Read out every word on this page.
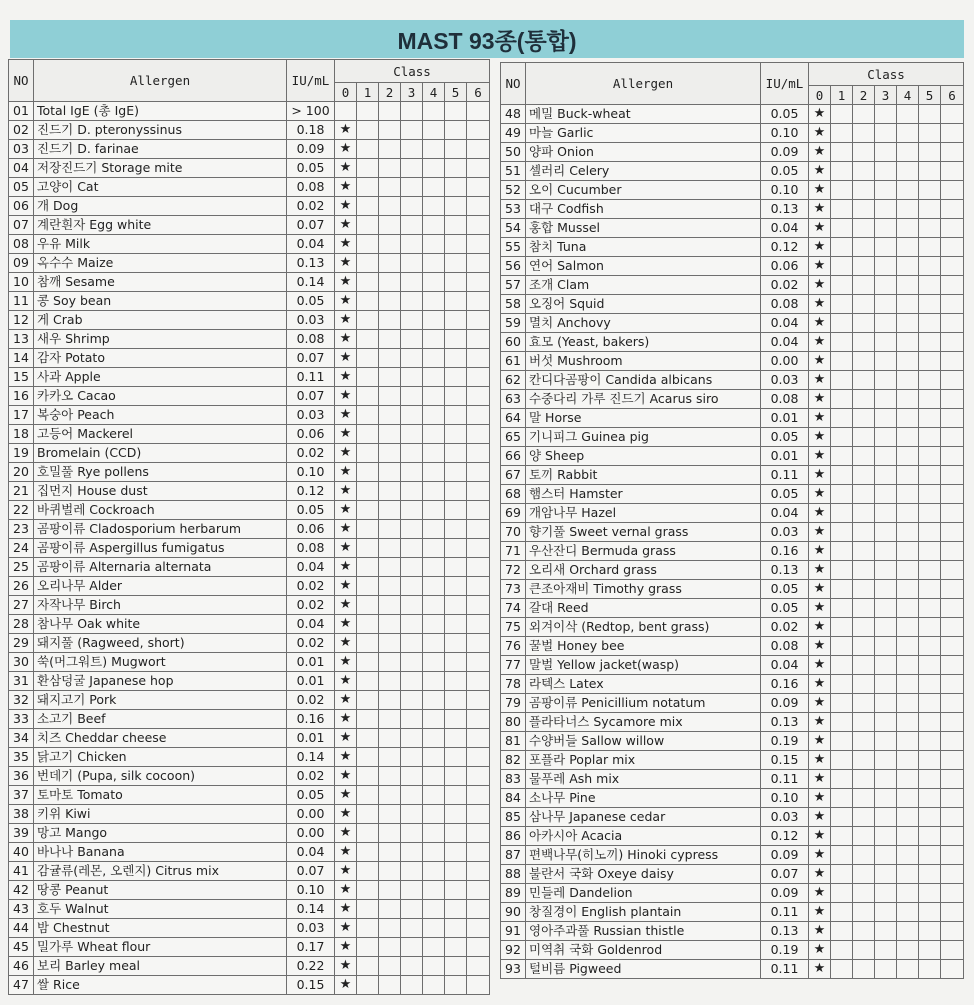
MAST 93종(통합)
NO	Allergen	IU/mL	Class						
			0	1	2	3	4	5	6
01	Total IgE (총 IgE)	> 100							
02	진드기 D. pteronyssinus	0.18	★						
03	진드기 D. farinae	0.09	★						
04	저장진드기 Storage mite	0.05	★						
05	고양이 Cat	0.08	★						
06	개 Dog	0.02	★						
07	계란흰자 Egg white	0.07	★						
08	우유 Milk	0.04	★						
09	옥수수 Maize	0.13	★						
10	참깨 Sesame	0.14	★						
11	콩 Soy bean	0.05	★						
12	게 Crab	0.03	★						
13	새우 Shrimp	0.08	★						
14	감자 Potato	0.07	★						
15	사과 Apple	0.11	★						
16	카카오 Cacao	0.07	★						
17	복숭아 Peach	0.03	★						
18	고등어 Mackerel	0.06	★						
19	Bromelain (CCD)	0.02	★						
20	호밀풀 Rye pollens	0.10	★						
21	집먼지 House dust	0.12	★						
22	바퀴벌레 Cockroach	0.05	★						
23	곰팡이류 Cladosporium herbarum	0.06	★						
24	곰팡이류 Aspergillus fumigatus	0.08	★						
25	곰팡이류 Alternaria alternata	0.04	★						
26	오리나무 Alder	0.02	★						
27	자작나무 Birch	0.02	★						
28	참나무 Oak white	0.04	★						
29	돼지풀 (Ragweed, short)	0.02	★						
30	쑥(머그워트) Mugwort	0.01	★						
31	환삼덩굴 Japanese hop	0.01	★						
32	돼지고기 Pork	0.02	★						
33	소고기 Beef	0.16	★						
34	치즈 Cheddar cheese	0.01	★						
35	닭고기 Chicken	0.14	★						
36	번데기 (Pupa, silk cocoon)	0.02	★						
37	토마토 Tomato	0.05	★						
38	키위 Kiwi	0.00	★						
39	망고 Mango	0.00	★						
40	바나나 Banana	0.04	★						
41	감귤류(레몬, 오렌지) Citrus mix	0.07	★						
42	땅콩 Peanut	0.10	★						
43	호두 Walnut	0.14	★						
44	밤 Chestnut	0.03	★						
45	밀가루 Wheat flour	0.17	★						
46	보리 Barley meal	0.22	★						
47	쌀 Rice	0.15	★						
NO	Allergen	IU/mL	Class						
			0	1	2	3	4	5	6
48	메밀 Buck-wheat	0.05	★						
49	마늘 Garlic	0.10	★						
50	양파 Onion	0.09	★						
51	셀러리 Celery	0.05	★						
52	오이 Cucumber	0.10	★						
53	대구 Codfish	0.13	★						
54	홍합 Mussel	0.04	★						
55	참치 Tuna	0.12	★						
56	연어 Salmon	0.06	★						
57	조개 Clam	0.02	★						
58	오징어 Squid	0.08	★						
59	멸치 Anchovy	0.04	★						
60	효모 (Yeast, bakers)	0.04	★						
61	버섯 Mushroom	0.00	★						
62	칸디다곰팡이 Candida albicans	0.03	★						
63	수중다리 가루 진드기 Acarus siro	0.08	★						
64	말 Horse	0.01	★						
65	기니피그 Guinea pig	0.05	★						
66	양 Sheep	0.01	★						
67	토끼 Rabbit	0.11	★						
68	햄스터 Hamster	0.05	★						
69	개암나무 Hazel	0.04	★						
70	향기풀 Sweet vernal grass	0.03	★						
71	우산잔디 Bermuda grass	0.16	★						
72	오리새 Orchard grass	0.13	★						
73	큰조아재비 Timothy grass	0.05	★						
74	갈대 Reed	0.05	★						
75	외겨이삭 (Redtop, bent grass)	0.02	★						
76	꿀벌 Honey bee	0.08	★						
77	말벌 Yellow jacket(wasp)	0.04	★						
78	라텍스 Latex	0.16	★						
79	곰팡이류 Penicillium notatum	0.09	★						
80	플라타너스 Sycamore mix	0.13	★						
81	수양버들 Sallow willow	0.19	★						
82	포플라 Poplar mix	0.15	★						
83	물푸레 Ash mix	0.11	★						
84	소나무 Pine	0.10	★						
85	삼나무 Japanese cedar	0.03	★						
86	아카시아 Acacia	0.12	★						
87	편백나무(히노끼) Hinoki cypress	0.09	★						
88	불란서 국화 Oxeye daisy	0.07	★						
89	민들레 Dandelion	0.09	★						
90	창질경이 English plantain	0.11	★						
91	영아주과풀 Russian thistle	0.13	★						
92	미역취 국화 Goldenrod	0.19	★						
93	털비름 Pigweed	0.11	★						
